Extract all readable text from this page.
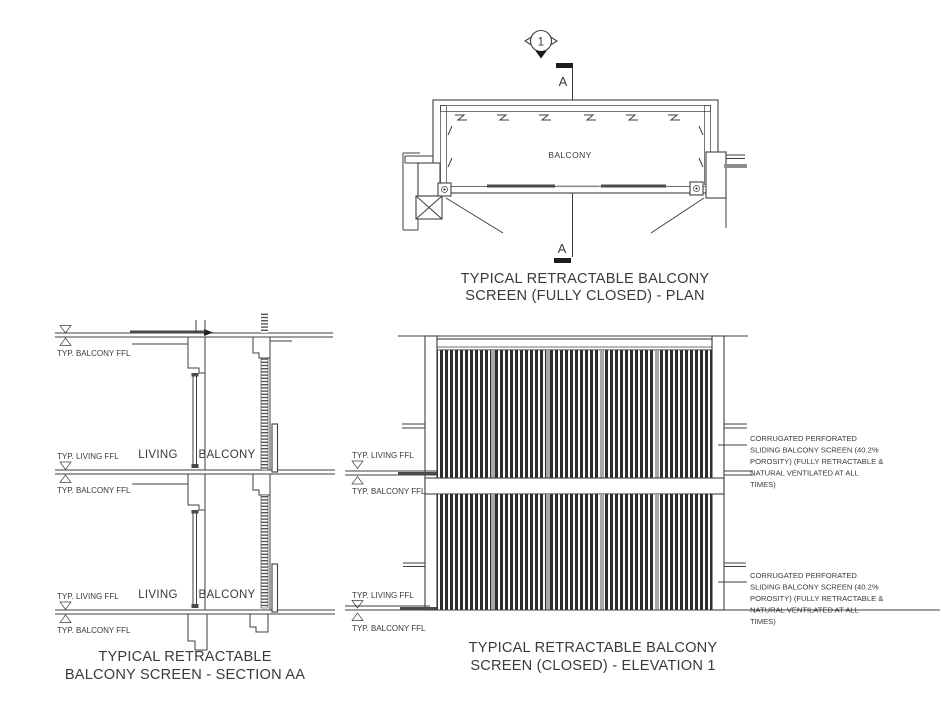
1
A
A
BALCONY
TYPICAL RETRACTABLE BALCONY
SCREEN (FULLY CLOSED) - PLAN
TYP. BALCONY FFL
TYP. LIVING FFL
TYP. BALCONY FFL
TYP. LIVING FFL
TYP. BALCONY FFL
LIVING BALCONY
LIVING BALCONY
TYPICAL RETRACTABLE
BALCONY SCREEN - SECTION AA
TYP. LIVING FFL
TYP. BALCONY FFL
TYP. LIVING FFL
TYP. BALCONY FFL
CORRUGATED PERFORATED
SLIDING BALCONY SCREEN (40.2%
POROSITY) (FULLY RETRACTABLE &
NATURAL VENTILATED AT ALL
TIMES)
CORRUGATED PERFORATED
SLIDING BALCONY SCREEN (40.2%
POROSITY) (FULLY RETRACTABLE &
NATURAL VENTILATED AT ALL
TIMES)
TYPICAL RETRACTABLE BALCONY
SCREEN (CLOSED) - ELEVATION 1
